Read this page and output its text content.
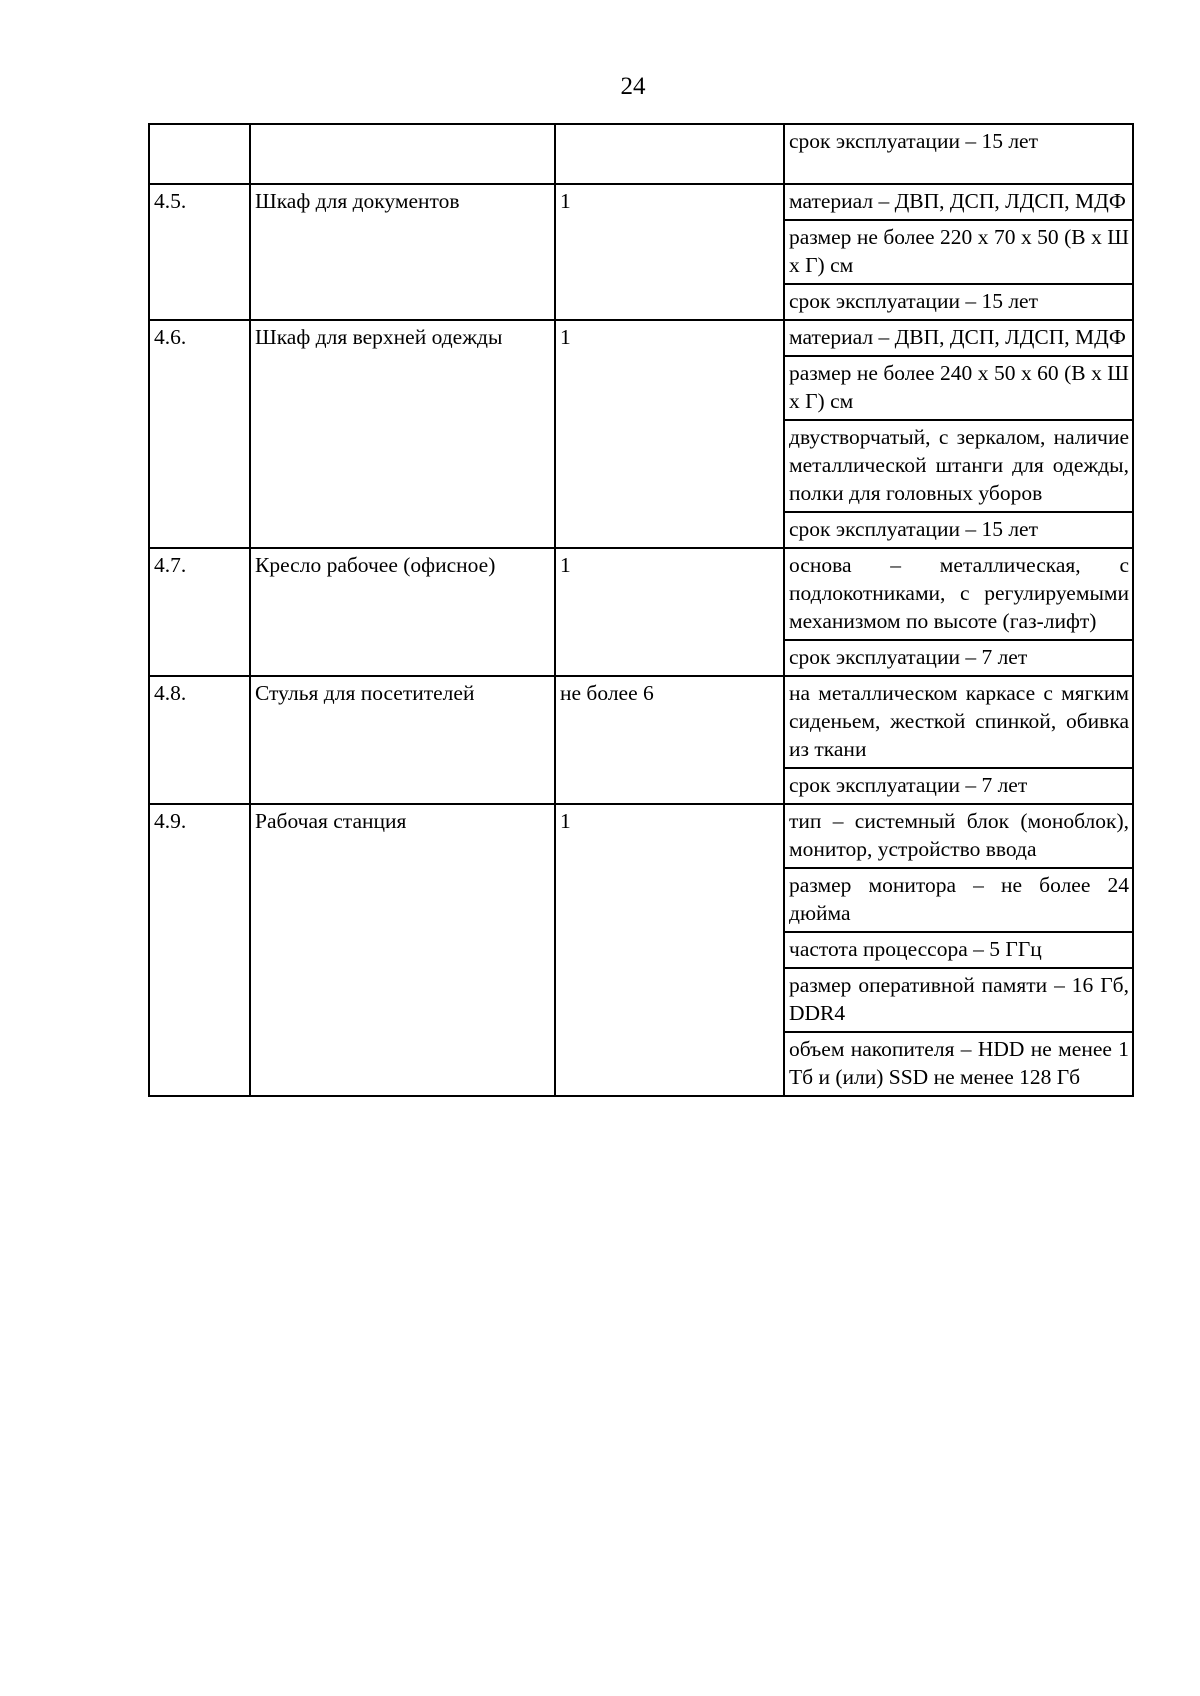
24
			срок эксплуатации – 15 лет
4.5.	Шкаф для документов	1	материал – ДВП, ДСП, ЛДСП, МДФ
			размер не более 220 x 70 x 50 (В x Ш x Г) см
			срок эксплуатации – 15 лет
4.6.	Шкаф для верхней одежды	1	материал – ДВП, ДСП, ЛДСП, МДФ
			размер не более 240 x 50 x 60 (В x Ш x Г) см
			двустворчатый, с зеркалом, наличие металлической штанги для одежды, полки для головных уборов
			срок эксплуатации – 15 лет
4.7.	Кресло рабочее (офисное)	1	основа – металлическая, с подлокотниками, с регулируемыми механизмом по высоте (газ-лифт)
			срок эксплуатации – 7 лет
4.8.	Стулья для посетителей	не более 6	на металлическом каркасе с мягким сиденьем, жесткой спинкой, обивка из ткани
			срок эксплуатации – 7 лет
4.9.	Рабочая станция	1	тип – системный блок (моноблок), монитор, устройство ввода
			размер монитора – не более 24 дюйма
			частота процессора – 5 ГГц
			размер оперативной памяти – 16 Гб, DDR4
			объем накопителя – HDD не менее 1 Тб и (или) SSD не менее 128 Гб
